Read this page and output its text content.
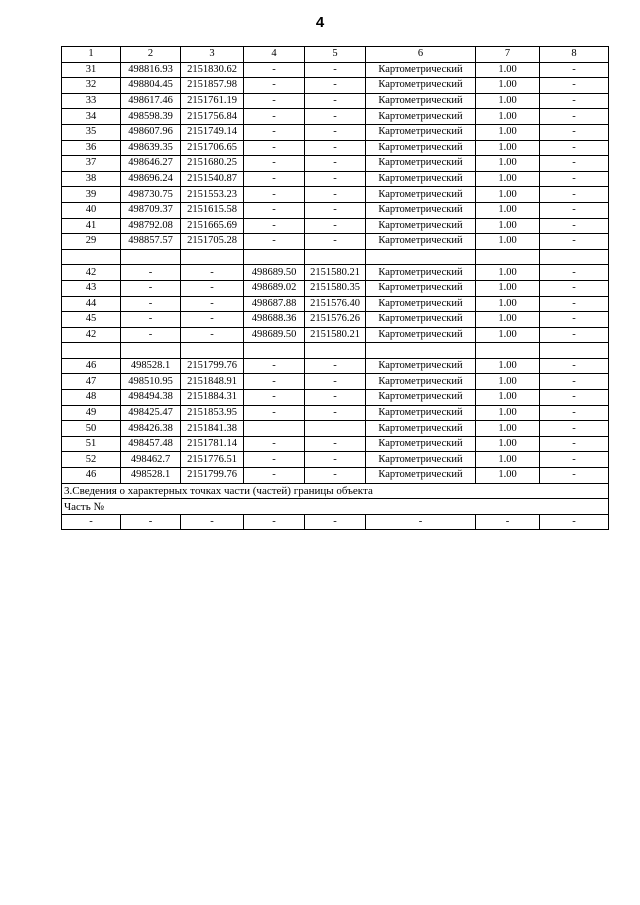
4
1	2	3	4	5	6	7	8
31	498816.93	2151830.62	-	-	Картометрический	1.00	-
32	498804.45	2151857.98	-	-	Картометрический	1.00	-
33	498617.46	2151761.19	-	-	Картометрический	1.00	-
34	498598.39	2151756.84	-	-	Картометрический	1.00	-
35	498607.96	2151749.14	-	-	Картометрический	1.00	-
36	498639.35	2151706.65	-	-	Картометрический	1.00	-
37	498646.27	2151680.25	-	-	Картометрический	1.00	-
38	498696.24	2151540.87	-	-	Картометрический	1.00	-
39	498730.75	2151553.23	-	-	Картометрический	1.00	-
40	498709.37	2151615.58	-	-	Картометрический	1.00	-
41	498792.08	2151665.69	-	-	Картометрический	1.00	-
29	498857.57	2151705.28	-	-	Картометрический	1.00	-

42	-	-	498689.50	2151580.21	Картометрический	1.00	-
43	-	-	498689.02	2151580.35	Картометрический	1.00	-
44	-	-	498687.88	2151576.40	Картометрический	1.00	-
45	-	-	498688.36	2151576.26	Картометрический	1.00	-
42	-	-	498689.50	2151580.21	Картометрический	1.00	-

46	498528.1	2151799.76	-	-	Картометрический	1.00	-
47	498510.95	2151848.91	-	-	Картометрический	1.00	-
48	498494.38	2151884.31	-	-	Картометрический	1.00	-
49	498425.47	2151853.95	-	-	Картометрический	1.00	-
50	498426.38	2151841.38			Картометрический	1.00	-
51	498457.48	2151781.14	-	-	Картометрический	1.00	-
52	498462.7	2151776.51	-	-	Картометрический	1.00	-
46	498528.1	2151799.76	-	-	Картометрический	1.00	-
3.Сведения о характерных точках части (частей) границы объекта							
Часть №							
-	-	-	-	-	-	-	-
